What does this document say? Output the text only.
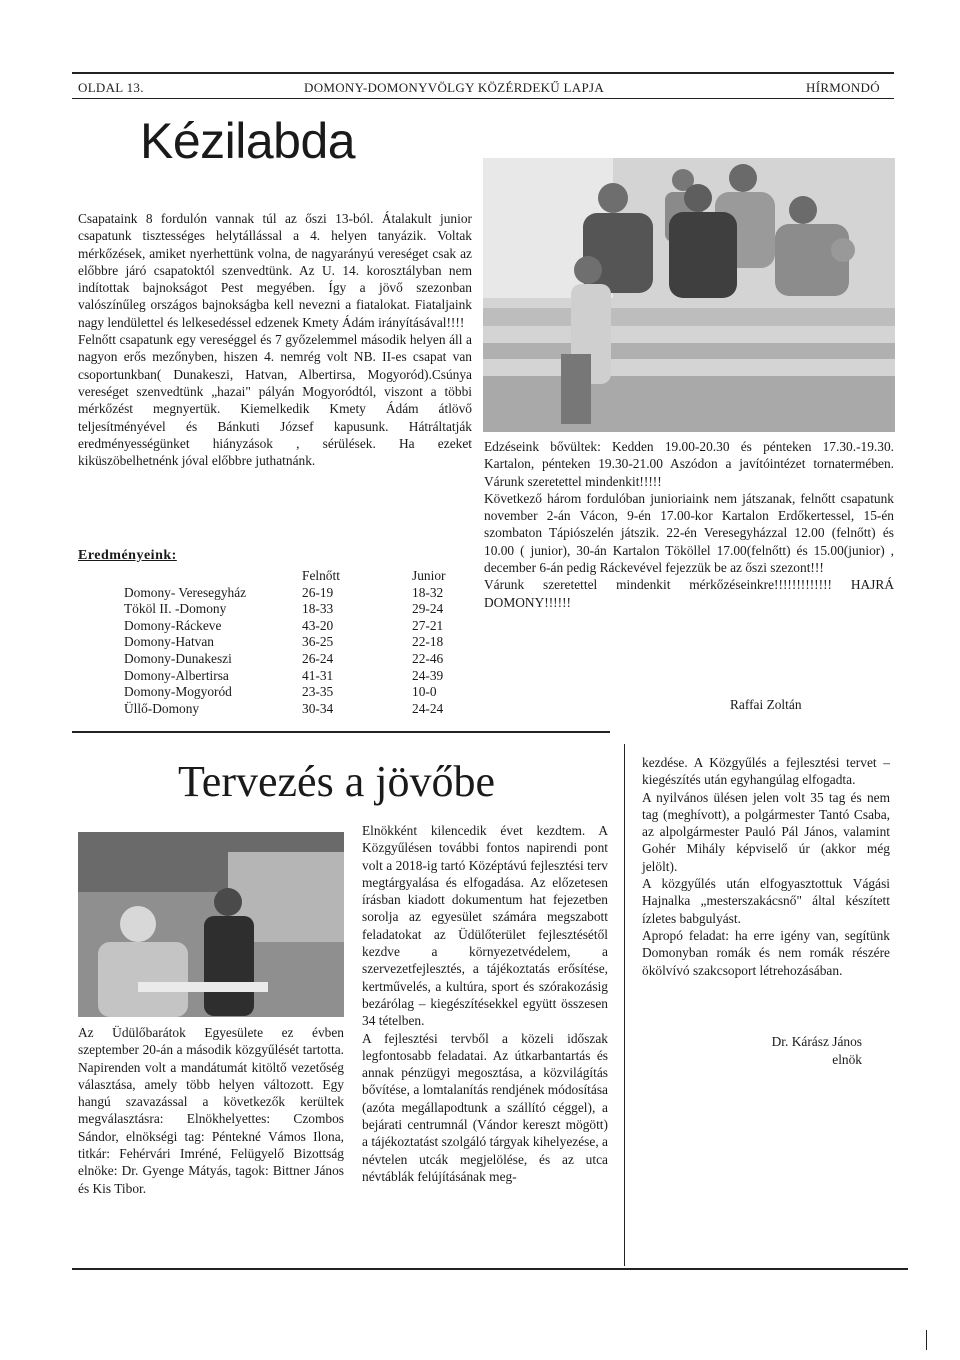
OLDAL 13.	DOMONY-DOMONYVÖLGY KÖZÉRDEKŰ LAPJA	HÍRMONDÓ
Kézilabda

Csapataink 8 fordulón vannak túl az őszi 13-ból. Átalakult junior csapatunk tisztességes helytállással a 4. helyen tanyázik. Voltak mérkőzések, amiket nyerhettünk volna, de nagyarányú vereséget csak az előbbre járó csapatoktól szenvedtünk. Az U. 14. korosztályban nem indítottak bajnokságot Pest megyében. Így a jövő szezonban valószínűleg országos bajnokságba kell nevezni a fiatalokat. Fiataljaink nagy lendülettel és lelkesedéssel edzenek Kmety Ádám irányításával!!!!

Felnőtt csapatunk egy vereséggel és 7 győzelemmel második helyen áll a nagyon erős mezőnyben, hiszen 4. nemrég volt NB. II-es csapat van csoportunkban( Dunakeszi, Hatvan, Albertirsa, Mogyoród).Csúnya vereséget szenvedtünk „hazai" pályán Mogyoródtól, viszont a többi mérkőzést megnyertük. Kiemelkedik Kmety Ádám átlövő teljesítményével és Bánkuti József kapusunk. Hátráltatják eredményességünket hiányzások , sérülések. Ha ezeket kiküszöbelhetnénk jóval előbbre juthatnánk.

Eredményeink:
Felnőtt	Junior
Domony- Veresegyház	26-19	18-32
Tököl II. -Domony	18-33	29-24
Domony-Ráckeve	43-20	27-21
Domony-Hatvan	36-25	22-18
Domony-Dunakeszi	26-24	22-46
Domony-Albertirsa	41-31	24-39
Domony-Mogyoród	23-35	10-0
Üllő-Domony	30-34	24-24

Edzéseink bővültek: Kedden 19.00-20.30 és pénteken 17.30.-19.30. Kartalon, pénteken 19.30-21.00 Aszódon a javítóintézet tornatermében. Várunk szeretettel mindenkit!!!!!

Következő három fordulóban junioriaink nem játszanak, felnőtt csapatunk november 2-án Vácon, 9-én 17.00-kor Kartalon Erdőkertessel, 15-én szombaton Tápiószelén játszik. 22-én Veresegyházzal 12.00 (felnőtt) és 10.00 ( junior), 30-án Kartalon Tököllel 17.00(felnőtt) és 15.00(junior) , december 6-án pedig Ráckevével fejezzük be az őszi szezont!!!

Várunk szeretettel mindenkit mérkőzéseinkre!!!!!!!!!!!!! HAJRÁ DOMONY!!!!!!

Raffai Zoltán
Tervezés a jövőbe
Az Üdülőbarátok Egyesülete ez évben szeptember 20-án a második közgyűlését tartotta. Napirenden volt a mandátumát kitöltő vezetőség választása, amely több helyen változott. Egy hangú szavazással a következők kerültek megválasztásra: Elnökhelyettes: Czombos Sándor, elnökségi tag: Péntekné Vámos Ilona, titkár: Fehérvári Imréné, Felügyelő Bizottság elnöke: Dr. Gyenge Mátyás, tagok: Bittner János és Kis Tibor.

Elnökként kilencedik évet kezdtem. A Közgyűlésen további fontos napirendi pont volt a 2018-ig tartó Középtávú fejlesztési terv megtárgyalása és elfogadása. Az előzetesen írásban kiadott dokumentum hat fejezetben sorolja az egyesület számára megszabott feladatokat az Üdülőterület fejlesztésétől kezdve a környezetvédelem, a szervezetfejlesztés, a tájékoztatás erősítése, kertművelés, a kultúra, sport és szórakozásig bezárólag – kiegészítésekkel együtt összesen 34 tételben.

A fejlesztési tervből a közeli időszak legfontosabb feladatai. Az útkarbantartás és annak pénzügyi megosztása, a közvilágítás bővítése, a lomtalanítás rendjének módosítása (azóta megállapodtunk a szállító céggel), a bejárati centrumnál (Vándor kereszt mögött) a tájékoztatást szolgáló tárgyak kihelyezése, a névtelen utcák megjelölése, és az utca névtáblák felújításának meg-

kezdése. A Közgyűlés a fejlesztési tervet – kiegészítés után egyhangúlag elfogadta.

A nyilvános ülésen jelen volt 35 tag és nem tag (meghívott), a polgármester Tantó Csaba, az alpolgármester Pauló Pál János, valamint Gohér Mihály képviselő úr (akkor még jelölt).

A közgyűlés után elfogyasztottuk Vágási Hajnalka „mesterszakácsnő" által készített ízletes babgulyást.

Apropó feladat: ha erre igény van, segítünk Domonyban romák és nem romák részére ökölvívó szakcsoport létrehozásában.

Dr. Kárász János
elnök
